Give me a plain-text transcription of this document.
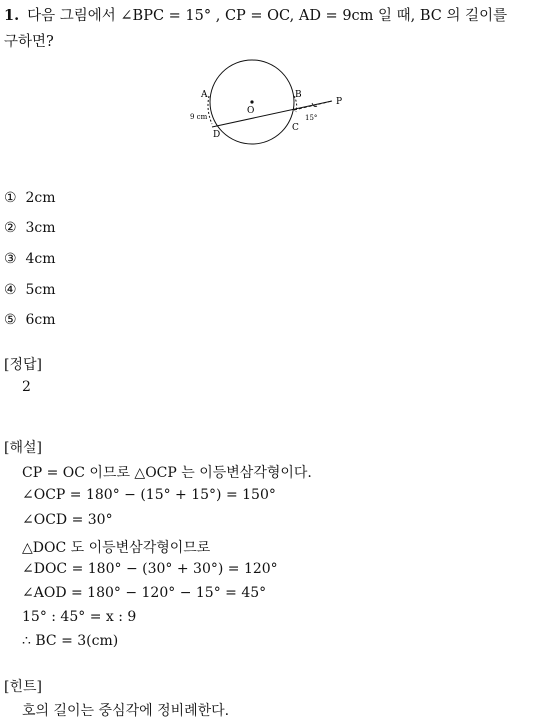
1. 다음 그림에서 ∠BPC = 15° , CP = OC, AD = 9cm 일 때, BC 의 길이를
구하면?
A	B
C
D
O
P
9 cm	15°
① 2cm
② 3cm
③ 4cm
④ 5cm
⑤ 6cm
[정답]
2
[해설]
CP = OC 이므로 △OCP 는 이등변삼각형이다.
∠OCP = 180° − (15° + 15°) = 150°
∠OCD = 30°
△DOC 도 이등변삼각형이므로
∠DOC = 180° − (30° + 30°) = 120°
∠AOD = 180° − 120° − 15° = 45°
15° : 45° = x : 9
∴ BC = 3(cm)
[힌트]
호의 길이는 중심각에 정비례한다.
